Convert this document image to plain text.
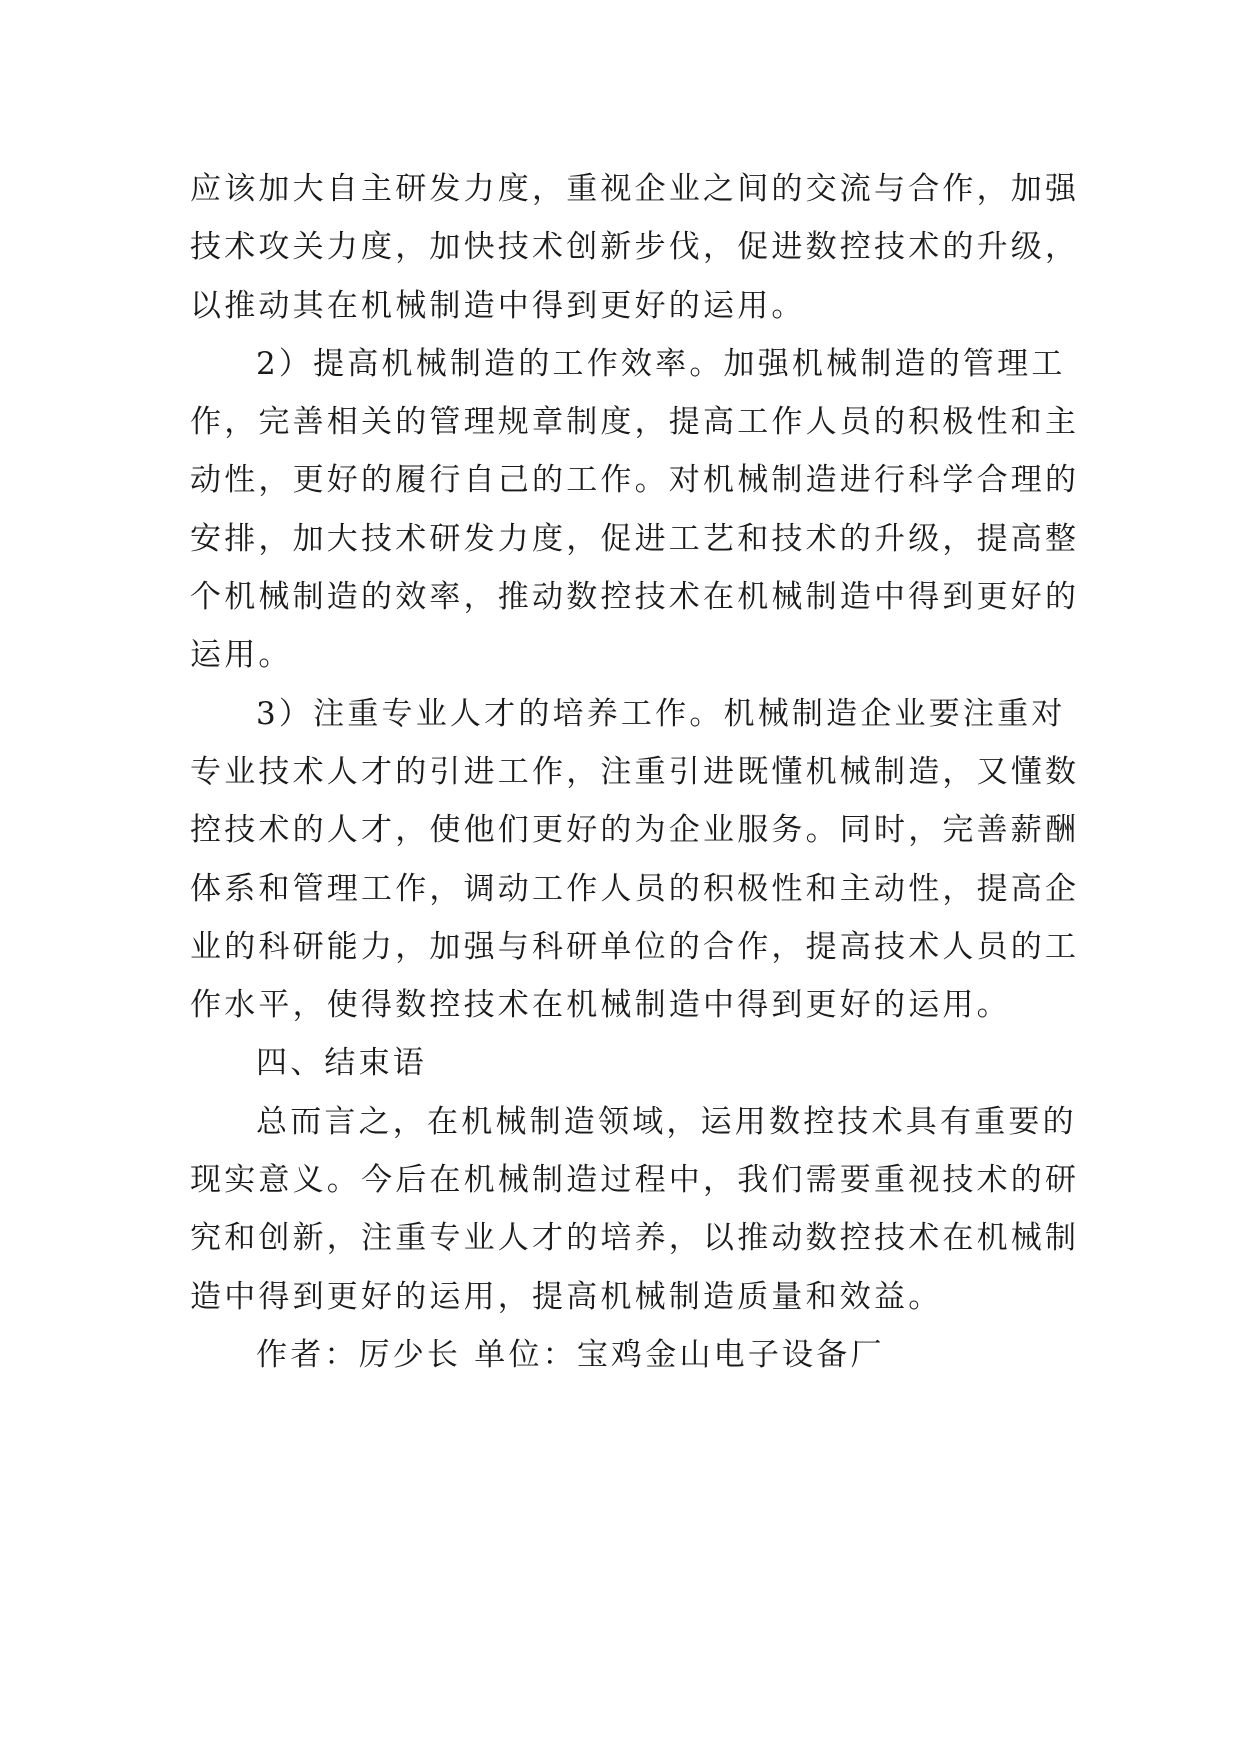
应该加大自主研发力度，重视企业之间的交流与合作，加强
技术攻关力度，加快技术创新步伐，促进数控技术的升级，
以推动其在机械制造中得到更好的运用。
2）提高机械制造的工作效率。加强机械制造的管理工
作，完善相关的管理规章制度，提高工作人员的积极性和主
动性，更好的履行自己的工作。对机械制造进行科学合理的
安排，加大技术研发力度，促进工艺和技术的升级，提高整
个机械制造的效率，推动数控技术在机械制造中得到更好的
运用。
3）注重专业人才的培养工作。机械制造企业要注重对
专业技术人才的引进工作，注重引进既懂机械制造，又懂数
控技术的人才，使他们更好的为企业服务。同时，完善薪酬
体系和管理工作，调动工作人员的积极性和主动性，提高企
业的科研能力，加强与科研单位的合作，提高技术人员的工
作水平，使得数控技术在机械制造中得到更好的运用。
四、结束语
总而言之，在机械制造领域，运用数控技术具有重要的
现实意义。今后在机械制造过程中，我们需要重视技术的研
究和创新，注重专业人才的培养，以推动数控技术在机械制
造中得到更好的运用，提高机械制造质量和效益。
作者：厉少长 单位：宝鸡金山电子设备厂
